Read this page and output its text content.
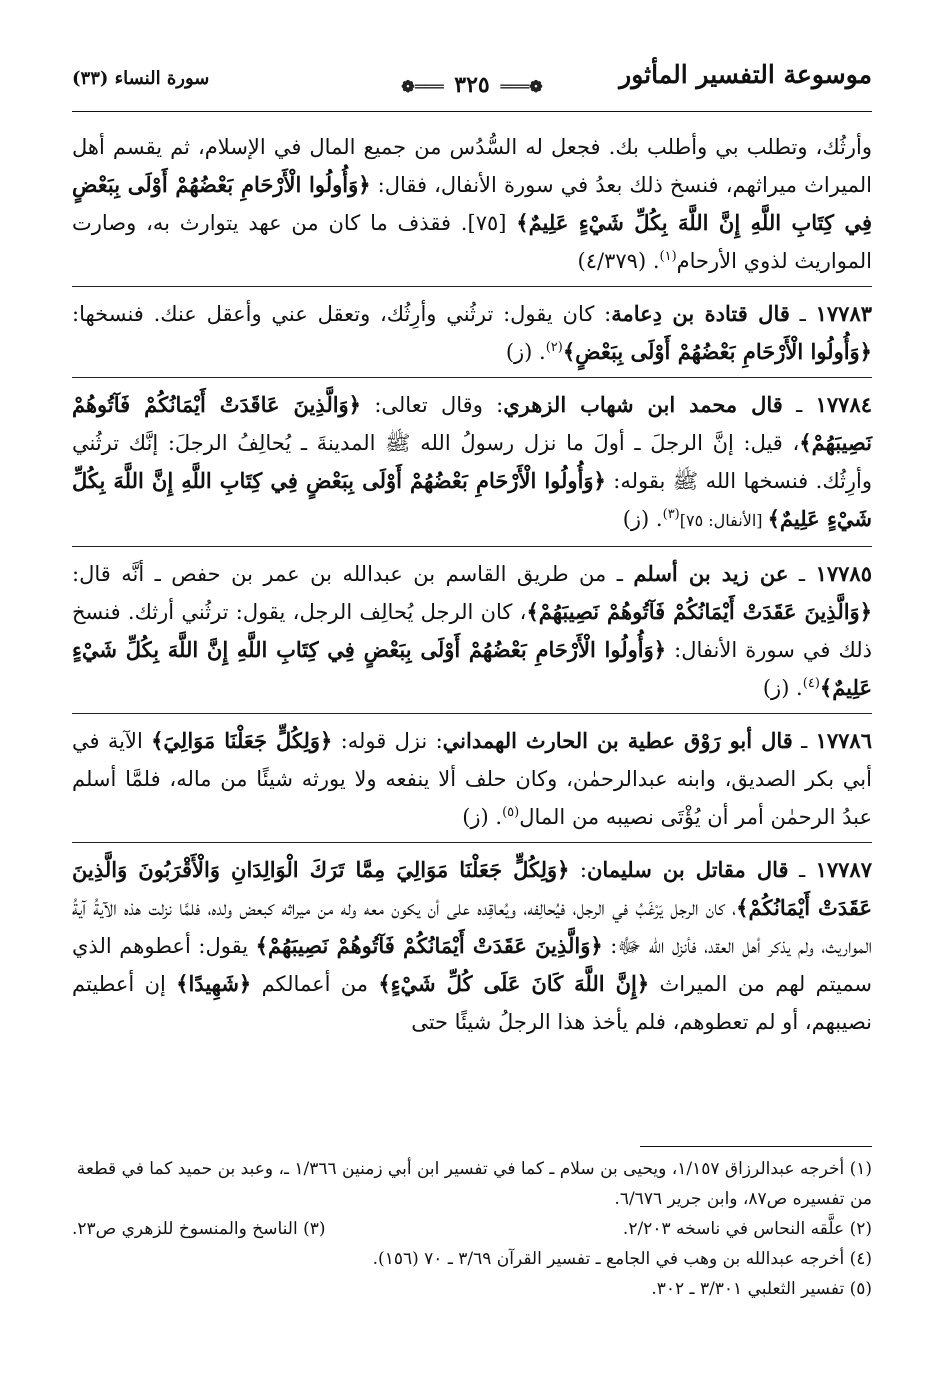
موسوعة التفسير المأثور
❁═══ ٣٢٥ ═══❁
سورة النساء (٣٣)

وأرثُك، وتطلب بي وأطلب بك. فجعل له السُّدُس من جميع المال في الإسلام، ثم يقسم أهل الميراث ميراثهم، فنسخ ذلك بعدُ في سورة الأنفال، فقال: ﴿وَأُولُوا الْأَرْحَامِ بَعْضُهُمْ أَوْلَى بِبَعْضٍ فِي كِتَابِ اللَّهِ إِنَّ اللَّهَ بِكُلِّ شَيْءٍ عَلِيمٌ﴾ [٧٥]. فقذف ما كان من عهد يتوارث به، وصارت المواريث لذوي الأرحام$^{(١)}$. (٤/٣٧٩)

١٧٧٨٣ ـ قال قتادة بن دِعامة: كان يقول: ترثُني وأرِثُك، وتعقل عني وأعقل عنك. فنسخها: ﴿وَأُولُوا الْأَرْحَامِ بَعْضُهُمْ أَوْلَى بِبَعْضٍ﴾$^{(٢)}$. (ز)

١٧٧٨٤ ـ قال محمد ابن شهاب الزهري: وقال تعالى: ﴿وَالَّذِينَ عَاقَدَتْ أَيْمَانُكُمْ فَآتُوهُمْ نَصِيبَهُمْ﴾، قيل: إنَّ الرجلَ ـ أولَ ما نزل رسولُ الله ﷺ المدينةَ ـ يُحالِفُ الرجلَ: إنَّك ترثُني وأرِثُك. فنسخها الله ﷺ بقوله: ﴿وَأُولُوا الْأَرْحَامِ بَعْضُهُمْ أَوْلَى بِبَعْضٍ فِي كِتَابِ اللَّهِ إِنَّ اللَّهَ بِكُلِّ شَيْءٍ عَلِيمٌ﴾ [الأنفال: ٧٥]$^{(٣)}$. (ز)

١٧٧٨٥ ـ عن زيد بن أسلم ـ من طريق القاسم بن عبدالله بن عمر بن حفص ـ أنَّه قال: ﴿وَالَّذِينَ عَقَدَتْ أَيْمَانُكُمْ فَآتُوهُمْ نَصِيبَهُمْ﴾، كان الرجل يُحالِف الرجل، يقول: ترثُني أرثك. فنسخ ذلك في سورة الأنفال: ﴿وَأُولُوا الْأَرْحَامِ بَعْضُهُمْ أَوْلَى بِبَعْضٍ فِي كِتَابِ اللَّهِ إِنَّ اللَّهَ بِكُلِّ شَيْءٍ عَلِيمٌ﴾$^{(٤)}$. (ز)

١٧٧٨٦ ـ قال أبو رَوْق عطية بن الحارث الهمداني: نزل قوله: ﴿وَلِكُلٍّ جَعَلْنَا مَوَالِيَ﴾ الآية في أبي بكر الصديق، وابنه عبدالرحمٰن، وكان حلف ألا ينفعه ولا يورثه شيئًا من ماله، فلمَّا أسلم عبدُ الرحمٰن أمر أن يُؤْتَى نصيبه من المال$^{(٥)}$. (ز)

١٧٧٨٧ ـ قال مقاتل بن سليمان: ﴿وَلِكُلٍّ جَعَلْنَا مَوَالِيَ مِمَّا تَرَكَ الْوَالِدَانِ وَالْأَقْرَبُونَ وَالَّذِينَ عَقَدَتْ أَيْمَانُكُمْ﴾، كان الرجل يَرْغَبُ في الرجل، فيُحالِفه، ويُعاقِده على أن يكون معه وله من ميراثه كبعض ولده، فلمَّا نزلت هذه الآيةُ آيةُ المواريث، ولم يذكر أهل العقد، فأنزل الله ﷻ: ﴿وَالَّذِينَ عَقَدَتْ أَيْمَانُكُمْ فَآتُوهُمْ نَصِيبَهُمْ﴾ يقول: أعطوهم الذي سميتم لهم من الميراث ﴿إِنَّ اللَّهَ كَانَ عَلَى كُلِّ شَيْءٍ﴾ من أعمالكم ﴿شَهِيدًا﴾ إن أعطيتم نصيبهم، أو لم تعطوهم، فلم يأخذ هذا الرجلُ شيئًا حتى

(١) أخرجه عبدالرزاق ١/١٥٧، ويحيى بن سلام ـ كما في تفسير ابن أبي زمنين ١/٣٦٦ ـ، وعبد بن حميد كما في قطعة من تفسيره ص٨٧، وابن جرير ٦/٦٧٦.

(٢) علَّقه النحاس في ناسخه ٢/٢٠٣.
(٣) الناسخ والمنسوخ للزهري ص٢٣.

(٤) أخرجه عبدالله بن وهب في الجامع ـ تفسير القرآن ٣/٦٩ ـ ٧٠ (١٥٦).

(٥) تفسير الثعلبي ٣/٣٠١ ـ ٣٠٢.
